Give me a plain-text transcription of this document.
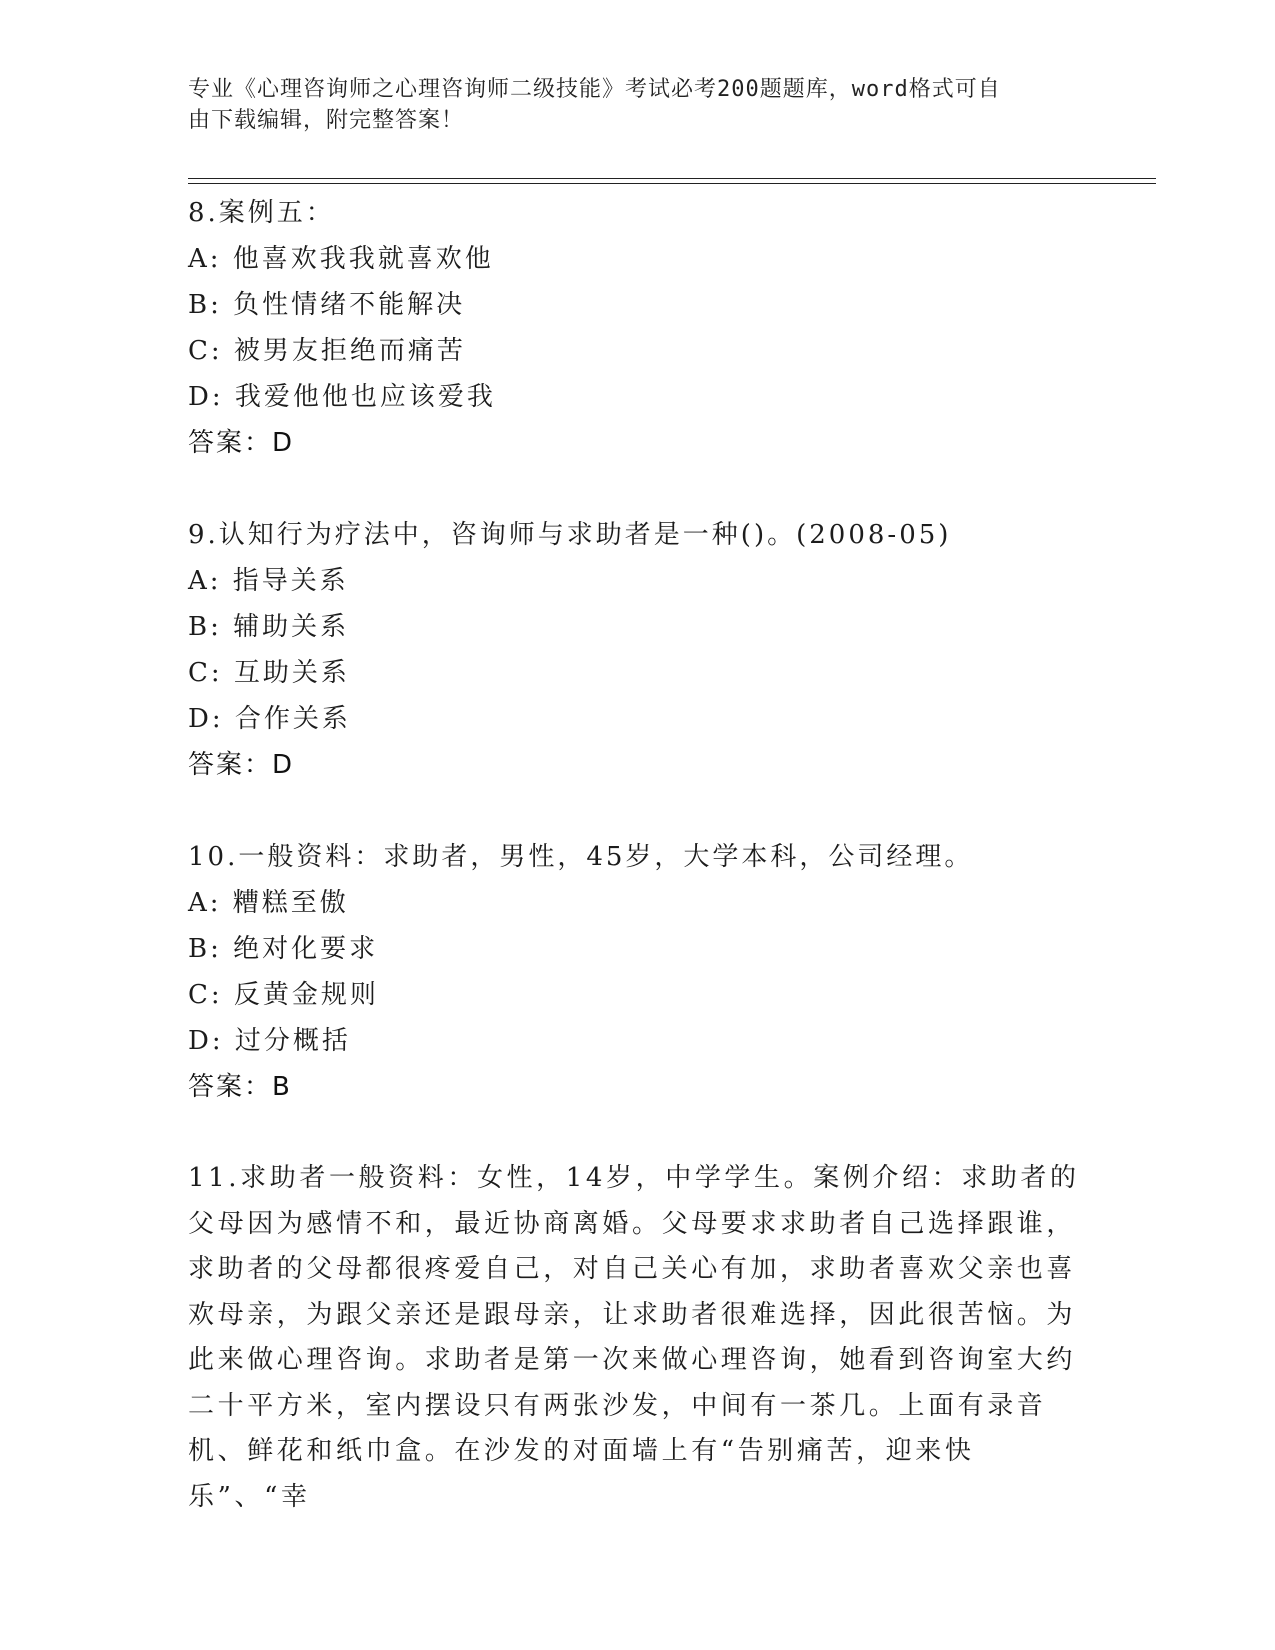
专业《心理咨询师之心理咨询师二级技能》考试必考200题题库，word格式可自
由下载编辑，附完整答案！
8.案例五：
A: 他喜欢我我就喜欢他
B: 负性情绪不能解决
C: 被男友拒绝而痛苦
D: 我爱他他也应该爱我
答案：D
9.认知行为疗法中，咨询师与求助者是一种()。(2008-05)
A: 指导关系
B: 辅助关系
C: 互助关系
D: 合作关系
答案：D
10.一般资料：求助者，男性，45岁，大学本科，公司经理。
A: 糟糕至傲
B: 绝对化要求
C: 反黄金规则
D: 过分概括
答案：B
11.求助者一般资料：女性，14岁，中学学生。案例介绍：求助者的父母因为感情不和，最近协商离婚。父母要求求助者自己选择跟谁，求助者的父母都很疼爱自己，对自己关心有加，求助者喜欢父亲也喜欢母亲，为跟父亲还是跟母亲，让求助者很难选择，因此很苦恼。为此来做心理咨询。求助者是第一次来做心理咨询，她看到咨询室大约二十平方米，室内摆设只有两张沙发，中间有一茶几。上面有录音机、鲜花和纸巾盒。在沙发的对面墙上有“告别痛苦，迎来快乐”、“幸
